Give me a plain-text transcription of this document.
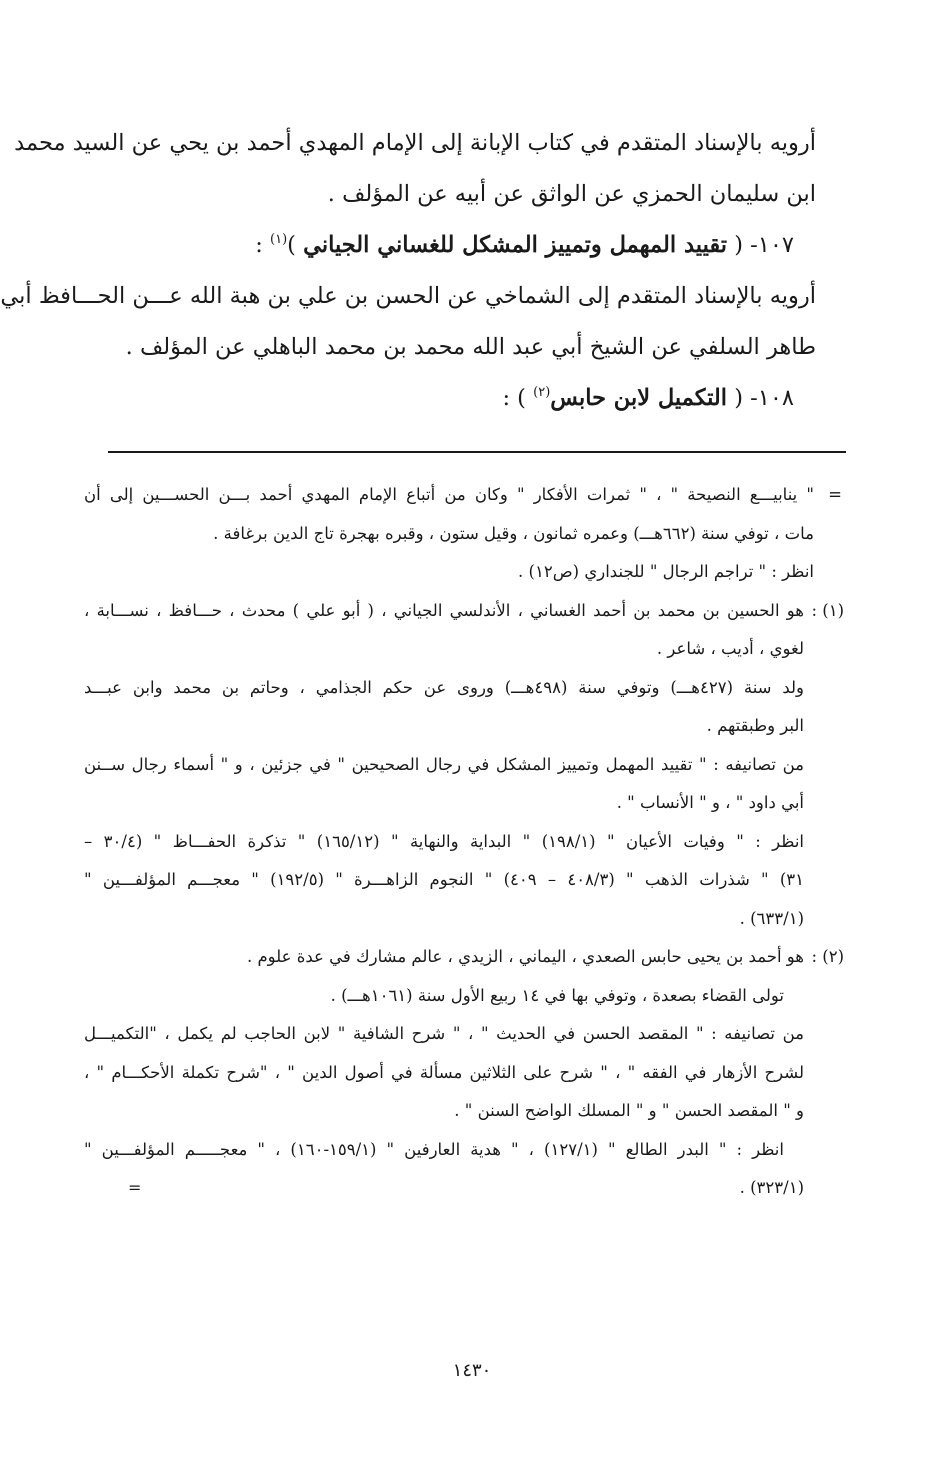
أرويه بالإسناد المتقدم في كتاب الإبانة إلى الإمام المهدي أحمد بن يحي عن السيد محمد
ابن سليمان الحمزي عن الواثق عن أبيه عن المؤلف .
١٠٧- ( تقييد المهمل وتمييز المشكل للغساني الجياني )$^{(١)}$ :
أرويه بالإسناد المتقدم إلى الشماخي عن الحسن بن علي بن هبة الله عـــن الحـــافظ أبي
طاهر السلفي عن الشيخ أبي عبد الله محمد بن محمد الباهلي عن المؤلف .
١٠٨- ( التكميل لابن حابس$^{(٢)}$ ) :
=
" ينابيـــع النصيحة " ، " ثمرات الأفكار " وكان من أتباع الإمام المهدي أحمد بـــن الحســـين إلى أن
مات ، توفي سنة (٦٦٢هـــ) وعمره ثمانون ، وقيل ستون ، وقبره بهجرة تاج الدين برغافة .
انظر : " تراجم الرجال " للجنداري (ص١٢) .
(١) :
هو الحسين بن محمد بن أحمد الغساني ، الأندلسي الجياني ، ( أبو علي ) محدث ، حـــافظ ، نســـابة ،
لغوي ، أديب ، شاعر .
ولد سنة (٤٢٧هـــ) وتوفي سنة (٤٩٨هـــ) وروى عن حكم الجذامي ، وحاتم بن محمد وابن عبـــد
البر وطبقتهم .
من تصانيفه : " تقييد المهمل وتمييز المشكل في رجال الصحيحين " في جزئين ، و " أسماء رجال ســنن
أبي داود " ، و " الأنساب " .
انظر : " وفيات الأعيان " (١٩٨/١) " البداية والنهاية " (١٦٥/١٢) " تذكرة الحفـــاظ " (٣٠/٤ –
٣١) " شذرات الذهب " (٤٠٨/٣ – ٤٠٩) " النجوم الزاهـــرة " (١٩٢/٥) " معجـــم المؤلفـــين "
(٦٣٣/١) .
(٢) :
هو أحمد بن يحيى حابس الصعدي ، اليماني ، الزيدي ، عالم مشارك في عدة علوم .
تولى القضاء بصعدة ، وتوفي بها في ١٤ ربيع الأول سنة (١٠٦١هـــ) .
من تصانيفه : " المقصد الحسن في الحديث " ، " شرح الشافية " لابن الحاجب لم يكمل ، "التكميـــل
لشرح الأزهار في الفقه " ، " شرح على الثلاثين مسألة في أصول الدين " ، "شرح تكملة الأحكـــام " ،
و " المقصد الحسن " و " المسلك الواضح السنن " .
انظر : " البدر الطالع " (١٢٧/١) ، " هدية العارفين " (١٥٩/١-١٦٠) ، " معجـــــم المؤلفـــين "
(٣٢٣/١) .
=
١٤٣٠
